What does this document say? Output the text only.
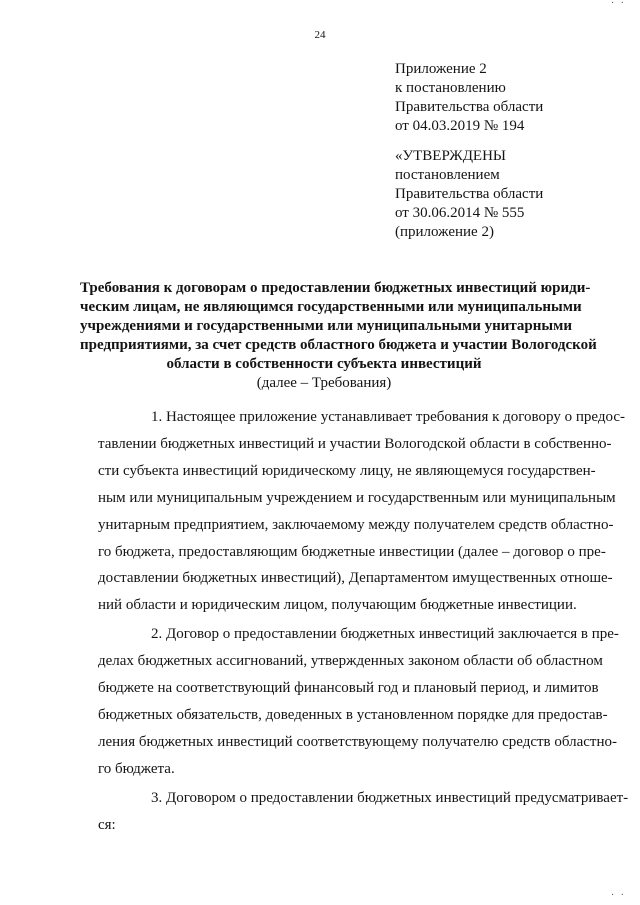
· ·
24
Приложение 2
к постановлению
Правительства области
от 04.03.2019 № 194
«УТВЕРЖДЕНЫ
постановлением
Правительства области
от 30.06.2014 № 555
(приложение 2)
Требования к договорам о предоставлении бюджетных инвестиций юриди-
ческим лицам, не являющимся государственными или муниципальными
учреждениями и государственными или муниципальными унитарными
предприятиями, за счет средств областного бюджета и участии Вологодской
области в собственности субъекта инвестиций
(далее – Требования)
1. Настоящее приложение устанавливает требования к договору о предос-
тавлении бюджетных инвестиций и участии Вологодской области в собственно-
сти субъекта инвестиций юридическому лицу, не являющемуся государствен-
ным или муниципальным учреждением и государственным или муниципальным
унитарным предприятием, заключаемому между получателем средств областно-
го бюджета, предоставляющим бюджетные инвестиции (далее – договор о пре-
доставлении бюджетных инвестиций), Департаментом имущественных отноше-
ний области и юридическим лицом, получающим бюджетные инвестиции.
2. Договор о предоставлении бюджетных инвестиций заключается в пре-
делах бюджетных ассигнований, утвержденных законом области об областном
бюджете на соответствующий финансовый год и плановый период, и лимитов
бюджетных обязательств, доведенных в установленном порядке для предостав-
ления бюджетных инвестиций соответствующему получателю средств областно-
го бюджета.
3. Договором о предоставлении бюджетных инвестиций предусматривает-
ся:
· ·
